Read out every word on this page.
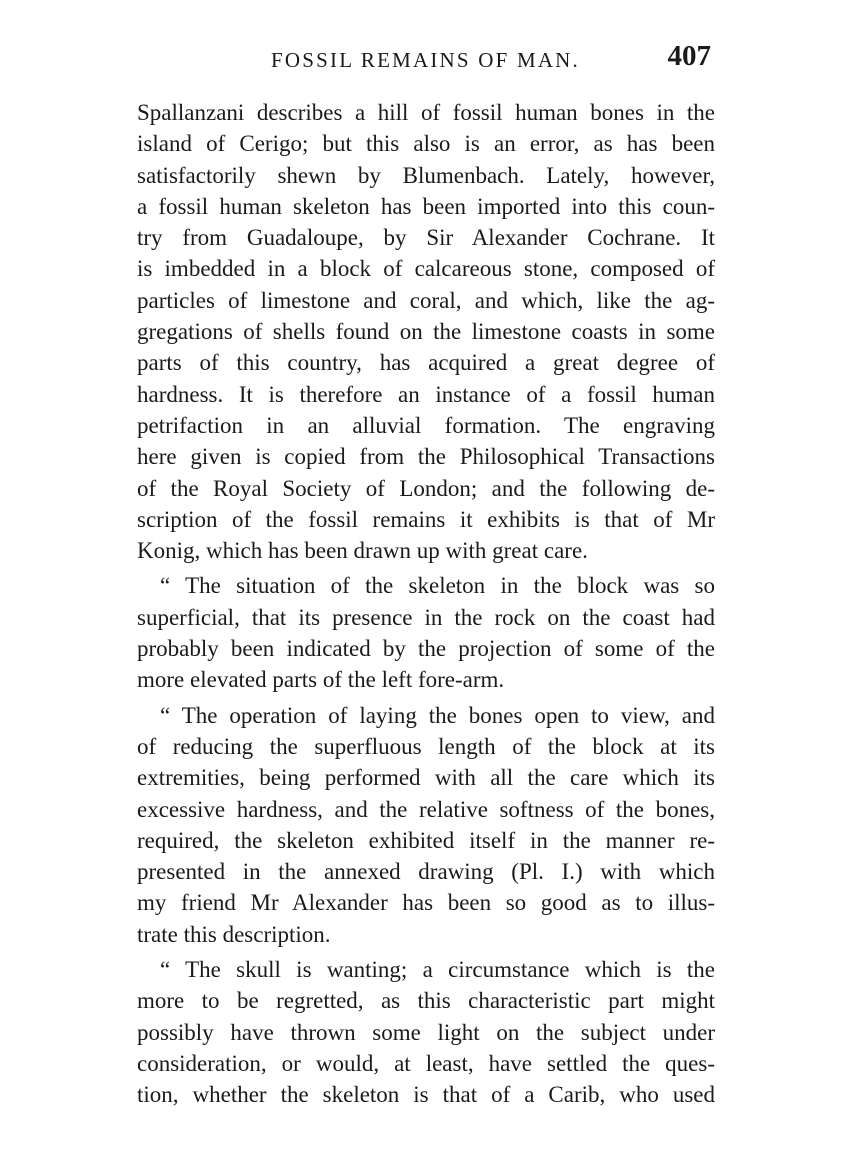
FOSSIL REMAINS OF MAN.	407
Spallanzani describes a hill of fossil human bones in the
island of Cerigo; but this also is an error, as has been
satisfactorily shewn by Blumenbach. Lately, however,
a fossil human skeleton has been imported into this coun-
try from Guadaloupe, by Sir Alexander Cochrane. It
is imbedded in a block of calcareous stone, composed of
particles of limestone and coral, and which, like the ag-
gregations of shells found on the limestone coasts in some
parts of this country, has acquired a great degree of
hardness. It is therefore an instance of a fossil human
petrifaction in an alluvial formation. The engraving
here given is copied from the Philosophical Transactions
of the Royal Society of London; and the following de-
scription of the fossil remains it exhibits is that of Mr
Konig, which has been drawn up with great care.
“ The situation of the skeleton in the block was so
superficial, that its presence in the rock on the coast had
probably been indicated by the projection of some of the
more elevated parts of the left fore-arm.
“ The operation of laying the bones open to view, and
of reducing the superfluous length of the block at its
extremities, being performed with all the care which its
excessive hardness, and the relative softness of the bones,
required, the skeleton exhibited itself in the manner re-
presented in the annexed drawing (Pl. I.) with which
my friend Mr Alexander has been so good as to illus-
trate this description.
“ The skull is wanting; a circumstance which is the
more to be regretted, as this characteristic part might
possibly have thrown some light on the subject under
consideration, or would, at least, have settled the ques-
tion, whether the skeleton is that of a Carib, who used
